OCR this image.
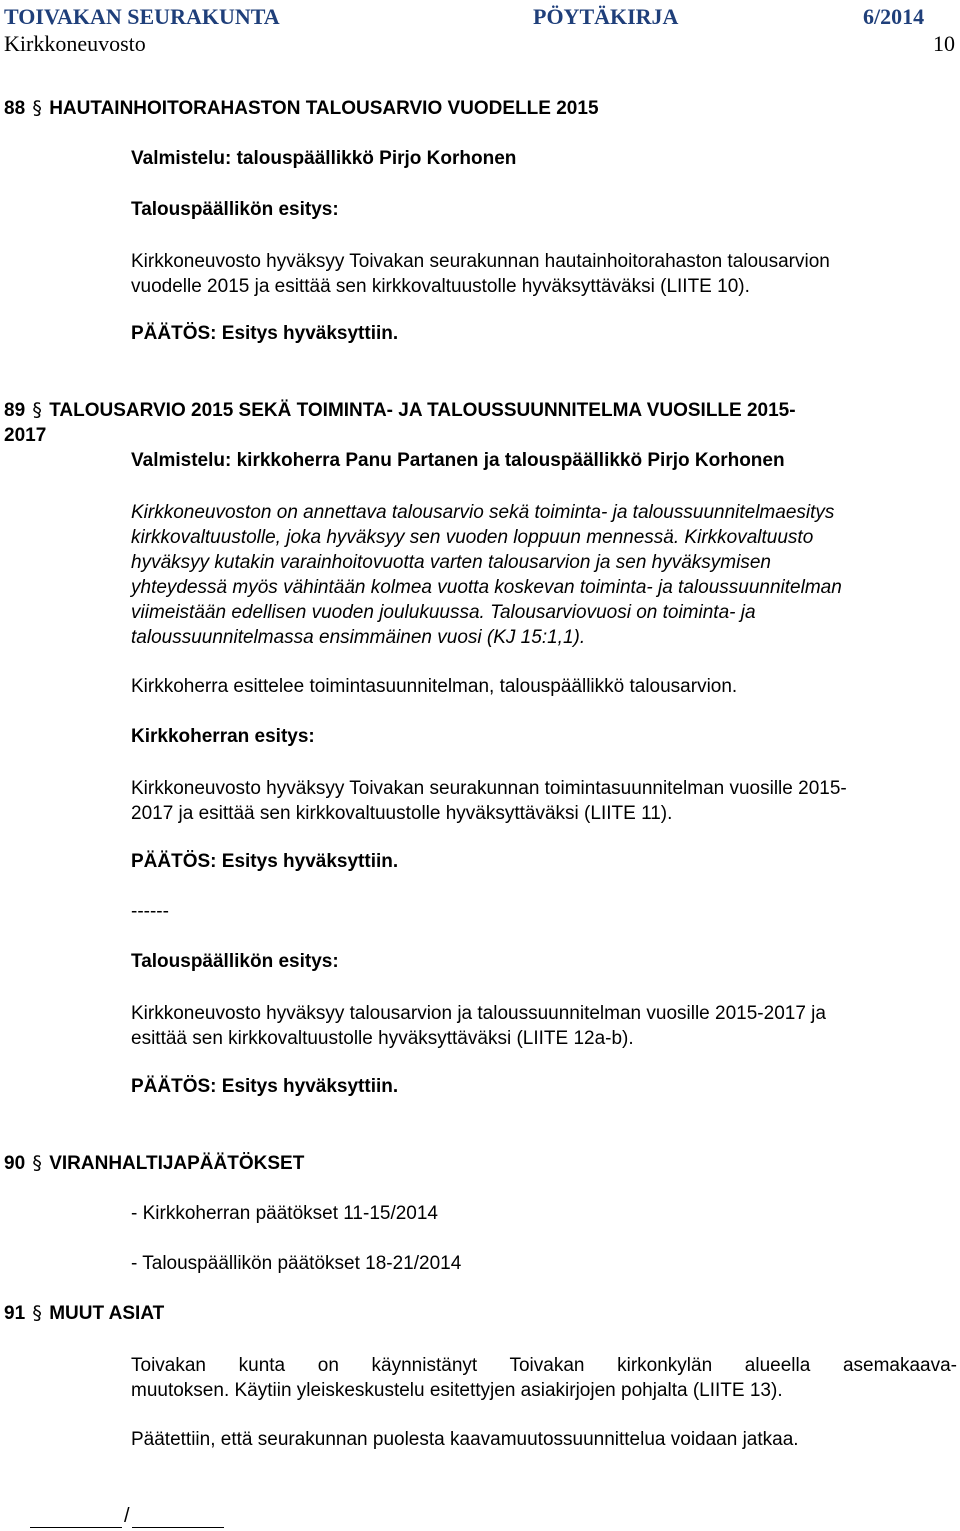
TOIVAKAN SEURAKUNTA	PÖYTÄKIRJA	6/2014
Kirkkoneuvosto	10
88 § HAUTAINHOITORAHASTON TALOUSARVIO VUODELLE 2015
Valmistelu: talouspäällikkö Pirjo Korhonen
Talouspäällikön esitys:
Kirkkoneuvosto hyväksyy Toivakan seurakunnan hautainhoitorahaston talousarvion
vuodelle 2015 ja esittää sen kirkkovaltuustolle hyväksyttäväksi (LIITE 10).
PÄÄTÖS: Esitys hyväksyttiin.
89 § TALOUSARVIO 2015 SEKÄ TOIMINTA- JA TALOUSSUUNNITELMA VUOSILLE 2015-
2017
Valmistelu: kirkkoherra Panu Partanen ja talouspäällikkö Pirjo Korhonen
Kirkkoneuvoston on annettava talousarvio sekä toiminta- ja taloussuunnitelmaesitys
kirkkovaltuustolle, joka hyväksyy sen vuoden loppuun mennessä. Kirkkovaltuusto
hyväksyy kutakin varainhoitovuotta varten talousarvion ja sen hyväksymisen
yhteydessä myös vähintään kolmea vuotta koskevan toiminta- ja taloussuunnitelman
viimeistään edellisen vuoden joulukuussa. Talousarviovuosi on toiminta- ja
taloussuunnitelmassa ensimmäinen vuosi (KJ 15:1,1).
Kirkkoherra esittelee toimintasuunnitelman, talouspäällikkö talousarvion.
Kirkkoherran esitys:
Kirkkoneuvosto hyväksyy Toivakan seurakunnan toimintasuunnitelman vuosille 2015-
2017 ja esittää sen kirkkovaltuustolle hyväksyttäväksi (LIITE 11).
PÄÄTÖS: Esitys hyväksyttiin.
------
Talouspäällikön esitys:
Kirkkoneuvosto hyväksyy talousarvion ja taloussuunnitelman vuosille 2015-2017 ja
esittää sen kirkkovaltuustolle hyväksyttäväksi (LIITE 12a-b).
PÄÄTÖS: Esitys hyväksyttiin.
90 § VIRANHALTIJAPÄÄTÖKSET
- Kirkkoherran päätökset 11-15/2014
- Talouspäällikön päätökset 18-21/2014
91 § MUUT ASIAT
Toivakan kunta on käynnistänyt Toivakan kirkonkylän alueella asemakaava-
muutoksen. Käytiin yleiskeskustelu esitettyjen asiakirjojen pohjalta (LIITE 13).
Päätettiin, että seurakunnan puolesta kaavamuutossuunnittelua voidaan jatkaa.
/
